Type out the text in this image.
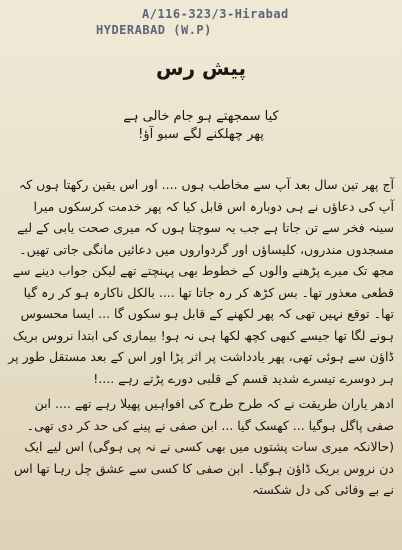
A/116-323/3-Hirabad
HYDERABAD (W.P)
پیش رس
کیا سمجھتے ہو جام خالی ہے
پھر چھلکنے لگے سبو آؤ!

آج پھر تین سال بعد آپ سے مخاطب ہوں .... اور اس یقین رکھتا ہوں کہ آپ کی دعاؤں نے ہی دوبارہ اس قابل کیا کہ پھر خدمت کرسکوں میرا سینہ فخر سے تن جاتا ہے جب یہ سوچتا ہوں کہ میری صحت یابی کے لیے مسجدوں مندروں، کلیساؤں اور گردواروں میں دعائیں مانگی جاتی تھیں۔ مجھ تک میرے پڑھنے والوں کے خطوط بھی پہنچتے تھے لیکن جواب دینے سے قطعی معذور تھا۔ بس کڑھ کر رہ جاتا تھا .... بالکل ناکارہ ہو کر رہ گیا تھا۔ توقع نہیں تھی کہ پھر لکھنے کے قابل ہو سکوں گا ... ایسا محسوس ہونے لگا تھا جیسے کبھی کچھ لکھا ہی نہ ہو! بیماری کی ابتدا نروس بریک ڈاؤن سے ہوئی تھی، پھر یادداشت پر اثر پڑا اور اس کے بعد مستقل طور پر ہر دوسرے تیسرے شدید قسم کے قلبی دورے پڑتے رہے ....!

ادھر یاران طریقت نے کہ طرح طرح کی افواہیں پھیلا رہے تھے .... ابن صفی پاگل ہوگیا ... کھسک گیا ... ابن صفی نے پینے کی حد کر دی تھی۔ (حالانکہ میری سات پشتوں میں بھی کسی نے نہ پی ہوگی) اس لیے ایک دن نروس بریک ڈاؤن ہوگیا۔ ابن صفی کا کسی سے عشق چل رہا تھا اس نے بے وفائی کی دل شکستہ
